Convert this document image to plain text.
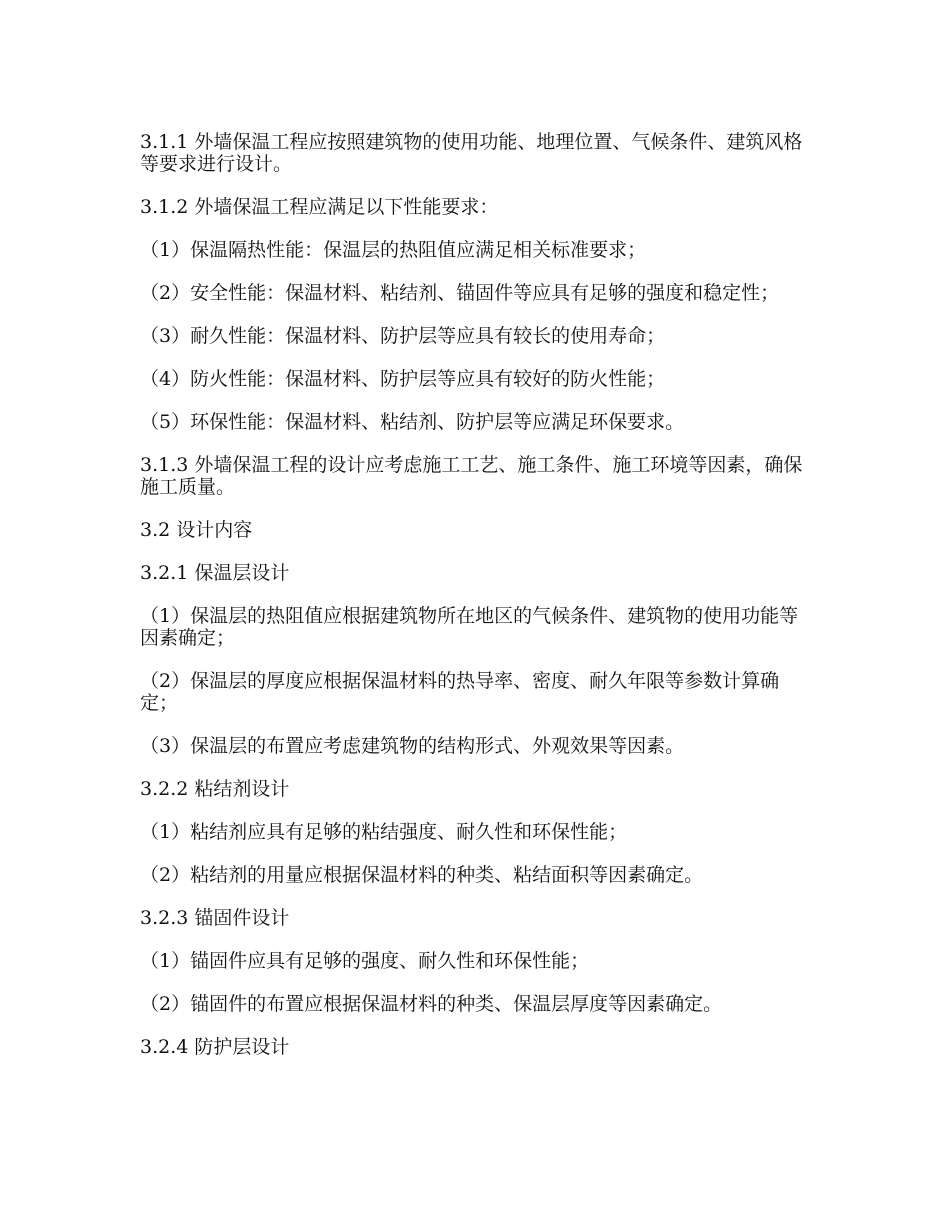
3.1.1 外墙保温工程应按照建筑物的使用功能、地理位置、气候条件、建筑风格等要求进行设计。

3.1.2 外墙保温工程应满足以下性能要求：

（1）保温隔热性能：保温层的热阻值应满足相关标准要求；

（2）安全性能：保温材料、粘结剂、锚固件等应具有足够的强度和稳定性；

（3）耐久性能：保温材料、防护层等应具有较长的使用寿命；

（4）防火性能：保温材料、防护层等应具有较好的防火性能；

（5）环保性能：保温材料、粘结剂、防护层等应满足环保要求。

3.1.3 外墙保温工程的设计应考虑施工工艺、施工条件、施工环境等因素，确保施工质量。

3.2 设计内容

3.2.1 保温层设计

（1）保温层的热阻值应根据建筑物所在地区的气候条件、建筑物的使用功能等因素确定；

（2）保温层的厚度应根据保温材料的热导率、密度、耐久年限等参数计算确定；

（3）保温层的布置应考虑建筑物的结构形式、外观效果等因素。

3.2.2 粘结剂设计

（1）粘结剂应具有足够的粘结强度、耐久性和环保性能；

（2）粘结剂的用量应根据保温材料的种类、粘结面积等因素确定。

3.2.3 锚固件设计

（1）锚固件应具有足够的强度、耐久性和环保性能；

（2）锚固件的布置应根据保温材料的种类、保温层厚度等因素确定。

3.2.4 防护层设计
